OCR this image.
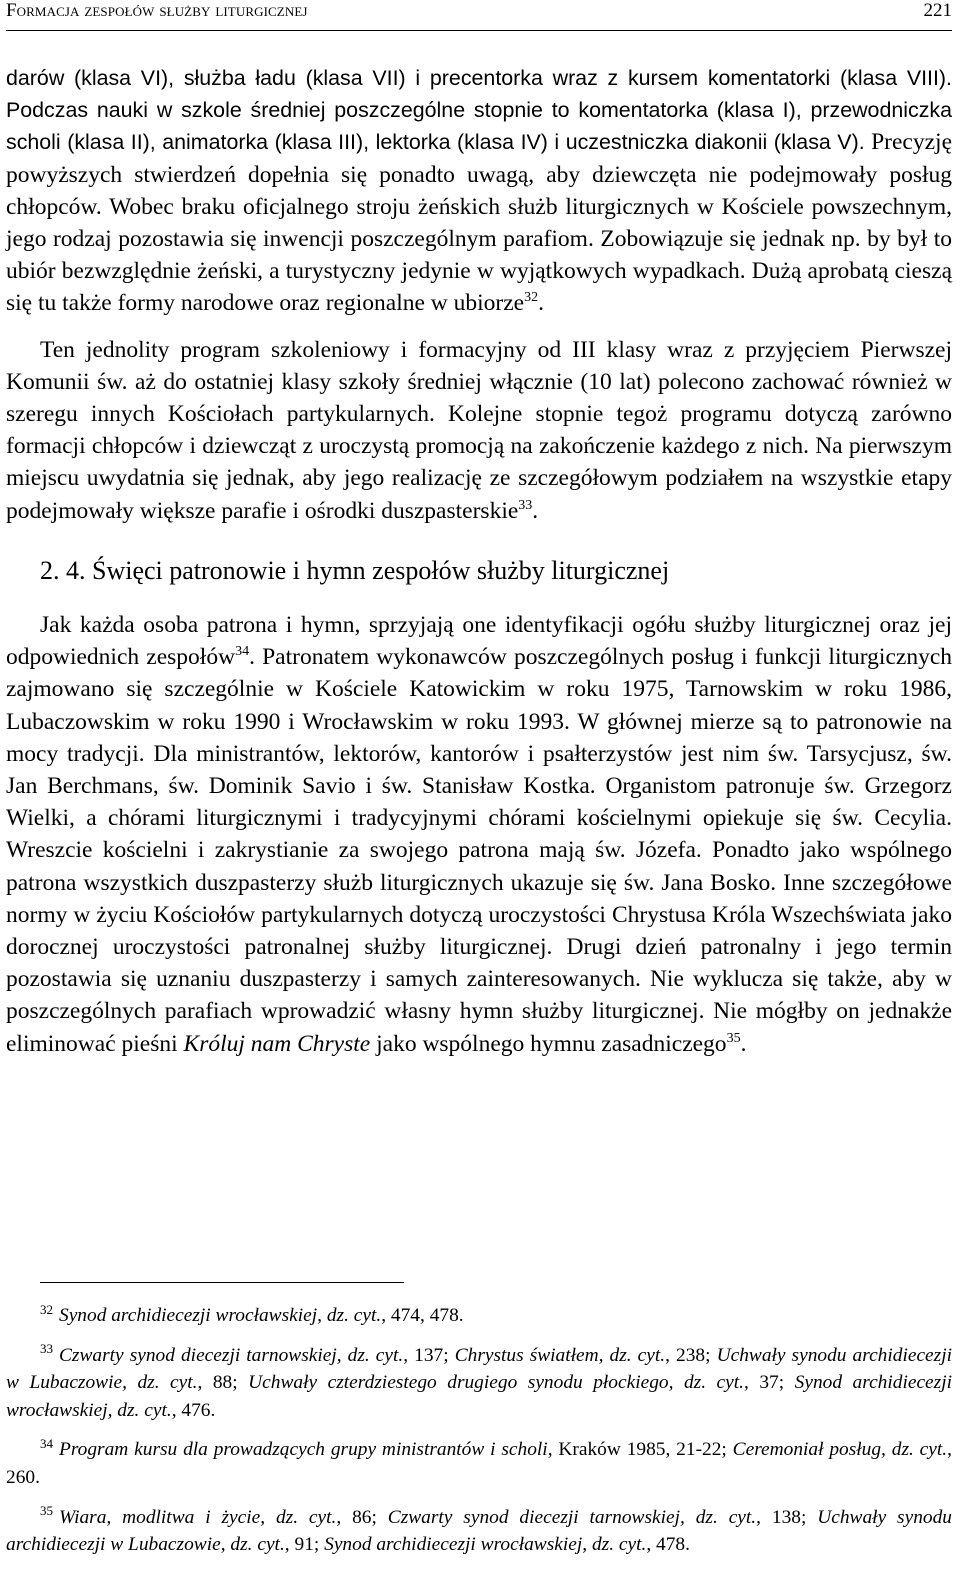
Formacja zespołów służby liturgicznej	221

darów (klasa VI), służba ładu (klasa VII) i precentorka wraz z kursem komentatorki (klasa VIII). Podczas nauki w szkole średniej poszczególne stopnie to komentatorka (klasa I), przewodniczka scholi (klasa II), animatorka (klasa III), lektorka (klasa IV) i uczestniczka diakonii (klasa V). Precyzję powyższych stwierdzeń dopełnia się ponadto uwagą, aby dziewczęta nie podejmowały posług chłopców. Wobec braku oficjalnego stroju żeńskich służb liturgicznych w Kościele powszechnym, jego rodzaj pozostawia się inwencji poszczególnym parafiom. Zobowiązuje się jednak np. by był to ubiór bezwzględnie żeński, a turystyczny jedynie w wyjątkowych wypadkach. Dużą aprobatą cieszą się tu także formy narodowe oraz regionalne w ubiorze$^{32}$.

Ten jednolity program szkoleniowy i formacyjny od III klasy wraz z przyjęciem Pierwszej Komunii św. aż do ostatniej klasy szkoły średniej włącznie (10 lat) polecono zachować również w szeregu innych Kościołach partykularnych. Kolejne stopnie tegoż programu dotyczą zarówno formacji chłopców i dziewcząt z uroczystą promocją na zakończenie każdego z nich. Na pierwszym miejscu uwydatnia się jednak, aby jego realizację ze szczegółowym podziałem na wszystkie etapy podejmowały większe parafie i ośrodki duszpasterskie$^{33}$.

2. 4. Święci patronowie i hymn zespołów służby liturgicznej

Jak każda osoba patrona i hymn, sprzyjają one identyfikacji ogółu służby liturgicznej oraz jej odpowiednich zespołów$^{34}$. Patronatem wykonawców poszczególnych posług i funkcji liturgicznych zajmowano się szczególnie w Kościele Katowickim w roku 1975, Tarnowskim w roku 1986, Lubaczowskim w roku 1990 i Wrocławskim w roku 1993. W głównej mierze są to patronowie na mocy tradycji. Dla ministrantów, lektorów, kantorów i psałterzystów jest nim św. Tarsycjusz, św. Jan Berchmans, św. Dominik Savio i św. Stanisław Kostka. Organistom patronuje św. Grzegorz Wielki, a chórami liturgicznymi i tradycyjnymi chórami kościelnymi opiekuje się św. Cecylia. Wreszcie kościelni i zakrystianie za swojego patrona mają św. Józefa. Ponadto jako wspólnego patrona wszystkich duszpasterzy służb liturgicznych ukazuje się św. Jana Bosko. Inne szczegółowe normy w życiu Kościołów partykularnych dotyczą uroczystości Chrystusa Króla Wszechświata jako dorocznej uroczystości patronalnej służby liturgicznej. Drugi dzień patronalny i jego termin pozostawia się uznaniu duszpasterzy i samych zainteresowanych. Nie wyklucza się także, aby w poszczególnych parafiach wprowadzić własny hymn służby liturgicznej. Nie mógłby on jednakże eliminować pieśni Króluj nam Chryste jako wspólnego hymnu zasadniczego$^{35}$.

$^{32}$ Synod archidiecezji wrocławskiej, dz. cyt., 474, 478.

$^{33}$ Czwarty synod diecezji tarnowskiej, dz. cyt., 137; Chrystus światłem, dz. cyt., 238; Uchwały synodu archidiecezji w Lubaczowie, dz. cyt., 88; Uchwały czterdziestego drugiego synodu płockiego, dz. cyt., 37; Synod archidiecezji wrocławskiej, dz. cyt., 476.

$^{34}$ Program kursu dla prowadzących grupy ministrantów i scholi, Kraków 1985, 21-22; Ceremoniał posług, dz. cyt., 260.

$^{35}$ Wiara, modlitwa i życie, dz. cyt., 86; Czwarty synod diecezji tarnowskiej, dz. cyt., 138; Uchwały synodu archidiecezji w Lubaczowie, dz. cyt., 91; Synod archidiecezji wrocławskiej, dz. cyt., 478.
